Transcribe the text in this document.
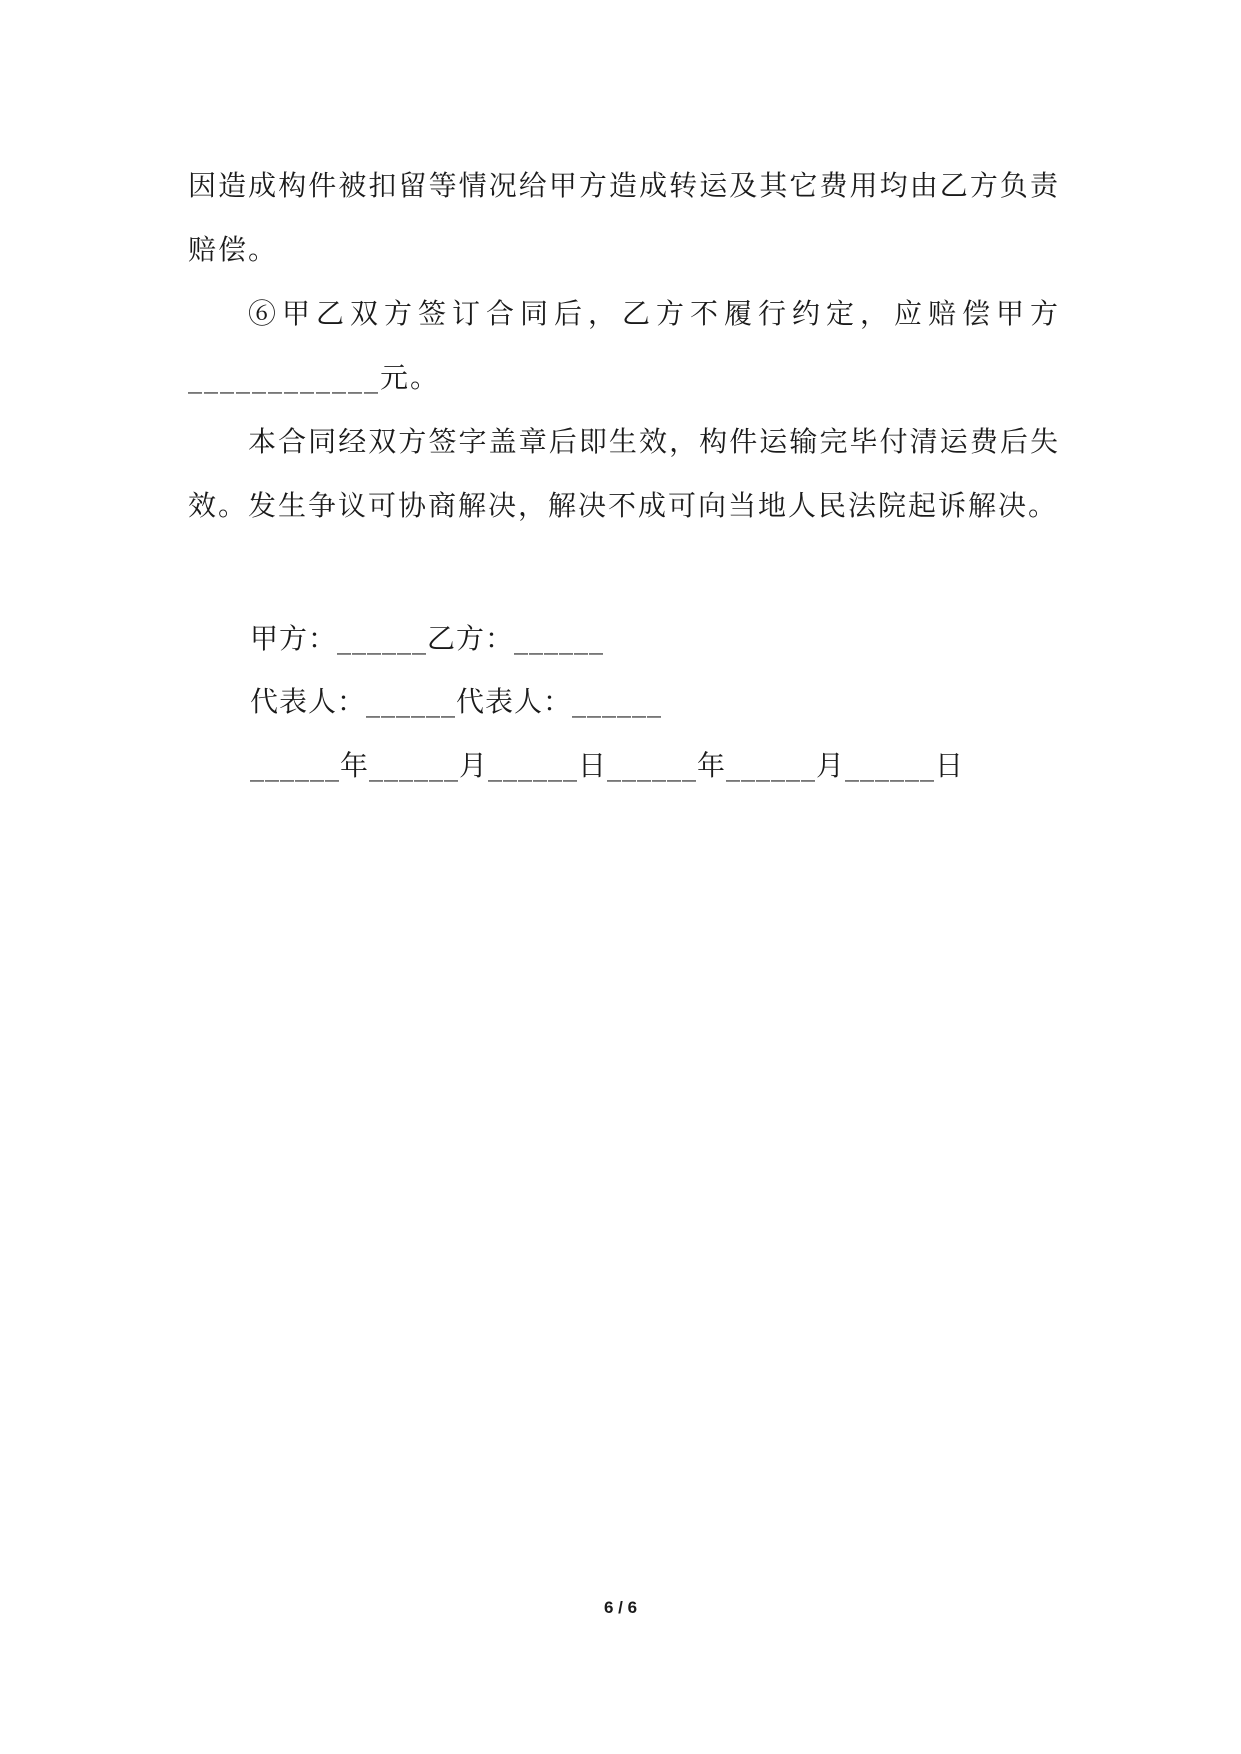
因造成构件被扣留等情况给甲方造成转运及其它费用均由乙方负责赔偿。

⑥甲乙双方签订合同后，乙方不履行约定，应赔偿甲方____________元。

本合同经双方签字盖章后即生效，构件运输完毕付清运费后失效。发生争议可协商解决，解决不成可向当地人民法院起诉解决。

甲方：______乙方：______

代表人：______代表人：______

______年______月______日______年______月______日

6 / 6
